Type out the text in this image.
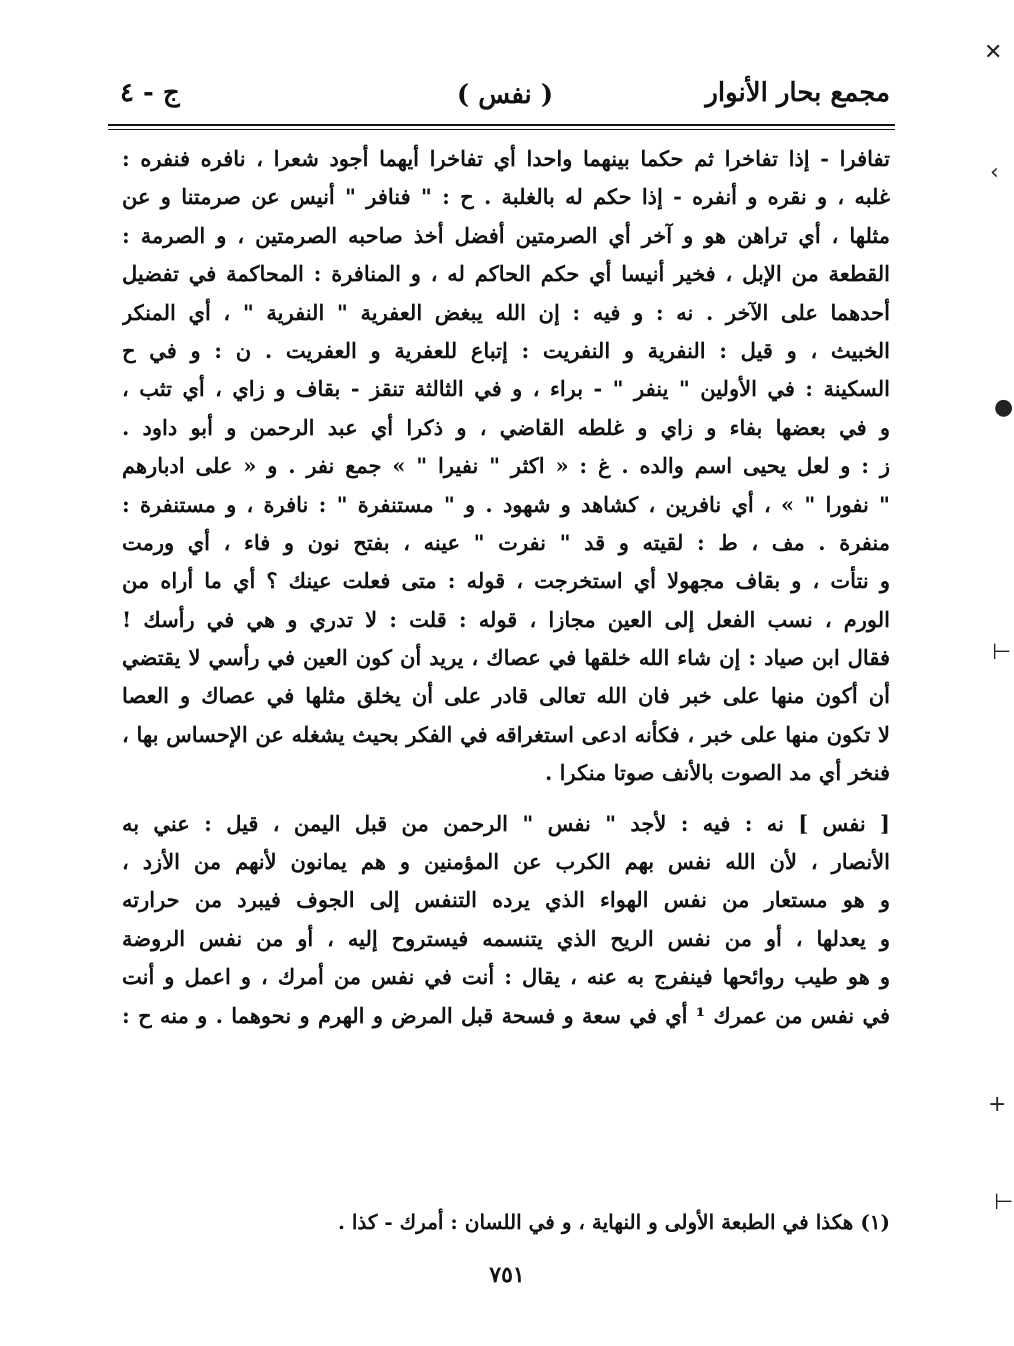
مجمع بحار الأنوار
( نفس )
ج - ٤
تفافرا - إذا تفاخرا ثم حكما بينهما واحدا أي تفاخرا أيهما أجود شعرا ، نافره فنفره :
غلبه ، و نقره و أنفره - إذا حكم له بالغلبة . ح : " فنافر " أنيس عن صرمتنا و عن
مثلها ، أي تراهن هو و آخر أي الصرمتين أفضل أخذ صاحبه الصرمتين ، و الصرمة :
القطعة من الإبل ، فخير أنيسا أي حكم الحاكم له ، و المنافرة : المحاكمة في تفضيل
أحدهما على الآخر . نه : و فيه : إن الله يبغض العفرية " النفرية " ، أي المنكر
الخبيث ، و قيل : النفرية و النفريت : إتباع للعفرية و العفريت . ن : و في ح
السكينة : في الأولين " ينفر " - براء ، و في الثالثة تنقز - بقاف و زاي ، أي تثب ،
و في بعضها بفاء و زاي و غلطه القاضي ، و ذكرا أي عبد الرحمن و أبو داود .
ز : و لعل يحيى اسم والده . غ : « اكثر " نفيرا " » جمع نفر . و « على ادبارهم
" نفورا " » ، أي نافرين ، كشاهد و شهود . و " مستنفرة " : نافرة ، و مستنفرة :
منفرة . مف ، ط : لقيته و قد " نفرت " عينه ، بفتح نون و فاء ، أي ورمت
و نتأت ، و بقاف مجهولا أي استخرجت ، قوله : متى فعلت عينك ؟ أي ما أراه من
الورم ، نسب الفعل إلى العين مجازا ، قوله : قلت : لا تدري و هي في رأسك !
فقال ابن صياد : إن شاء الله خلقها في عصاك ، يريد أن كون العين في رأسي لا يقتضي
أن أكون منها على خبر فان الله تعالى قادر على أن يخلق مثلها في عصاك و العصا
لا تكون منها على خبر ، فكأنه ادعى استغراقه في الفكر بحيث يشغله عن الإحساس بها ،
فنخر أي مد الصوت بالأنف صوتا منكرا .
[ نفس ] نه : فيه : لأجد " نفس " الرحمن من قبل اليمن ، قيل : عني به
الأنصار ، لأن الله نفس بهم الكرب عن المؤمنين و هم يمانون لأنهم من الأزد ،
و هو مستعار من نفس الهواء الذي يرده التنفس إلى الجوف فيبرد من حرارته
و يعدلها ، أو من نفس الريح الذي يتنسمه فيستروح إليه ، أو من نفس الروضة
و هو طيب روائحها فينفرج به عنه ، يقال : أنت في نفس من أمرك ، و اعمل و أنت
في نفس من عمرك ¹ أي في سعة و فسحة قبل المرض و الهرم و نحوهما . و منه ح :
(١) هكذا في الطبعة الأولى و النهاية ، و في اللسان : أمرك - كذا .
٧٥١
✕
‹
●
⊢
+
⊢
